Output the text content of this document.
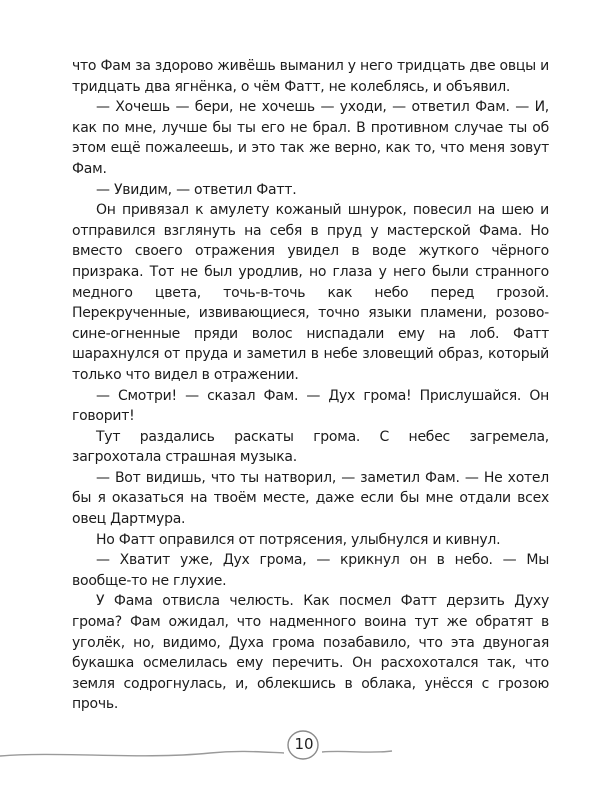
что Фам за здорово живёшь выманил у него тридцать две овцы и тридцать два ягнёнка, о чём Фатт, не колеблясь, и объявил.

— Хочешь — бери, не хочешь — уходи, — ответил Фам. — И, как по мне, лучше бы ты его не брал. В противном случае ты об этом ещё пожалеешь, и это так же верно, как то, что меня зовут Фам.

— Увидим, — ответил Фатт.

Он привязал к амулету кожаный шнурок, повесил на шею и отправился взглянуть на себя в пруд у мастерской Фама. Но вместо своего отражения увидел в воде жуткого чёрного призрака. Тот не был уродлив, но глаза у него были странного медного цвета, точь-в-точь как небо перед грозой. Перекрученные, извивающиеся, точно языки пламени, розово-сине-огненные пряди волос ниспадали ему на лоб. Фатт шарахнулся от пруда и заметил в небе зловещий образ, который только что видел в отражении.

— Смотри! — сказал Фам. — Дух грома! Прислушайся. Он говорит!

Тут раздались раскаты грома. С небес загремела, загрохотала страшная музыка.

— Вот видишь, что ты натворил, — заметил Фам. — Не хотел бы я оказаться на твоём месте, даже если бы мне отдали всех овец Дартмура.

Но Фатт оправился от потрясения, улыбнулся и кивнул.

— Хватит уже, Дух грома, — крикнул он в небо. — Мы вообще-то не глухие.

У Фама отвисла челюсть. Как посмел Фатт дерзить Духу грома? Фам ожидал, что надменного воина тут же обратят в уголёк, но, видимо, Духа грома позабавило, что эта двуногая букашка осмелилась ему перечить. Он расхохотался так, что земля содрогнулась, и, облекшись в облака, унёсся с грозою прочь.

10
